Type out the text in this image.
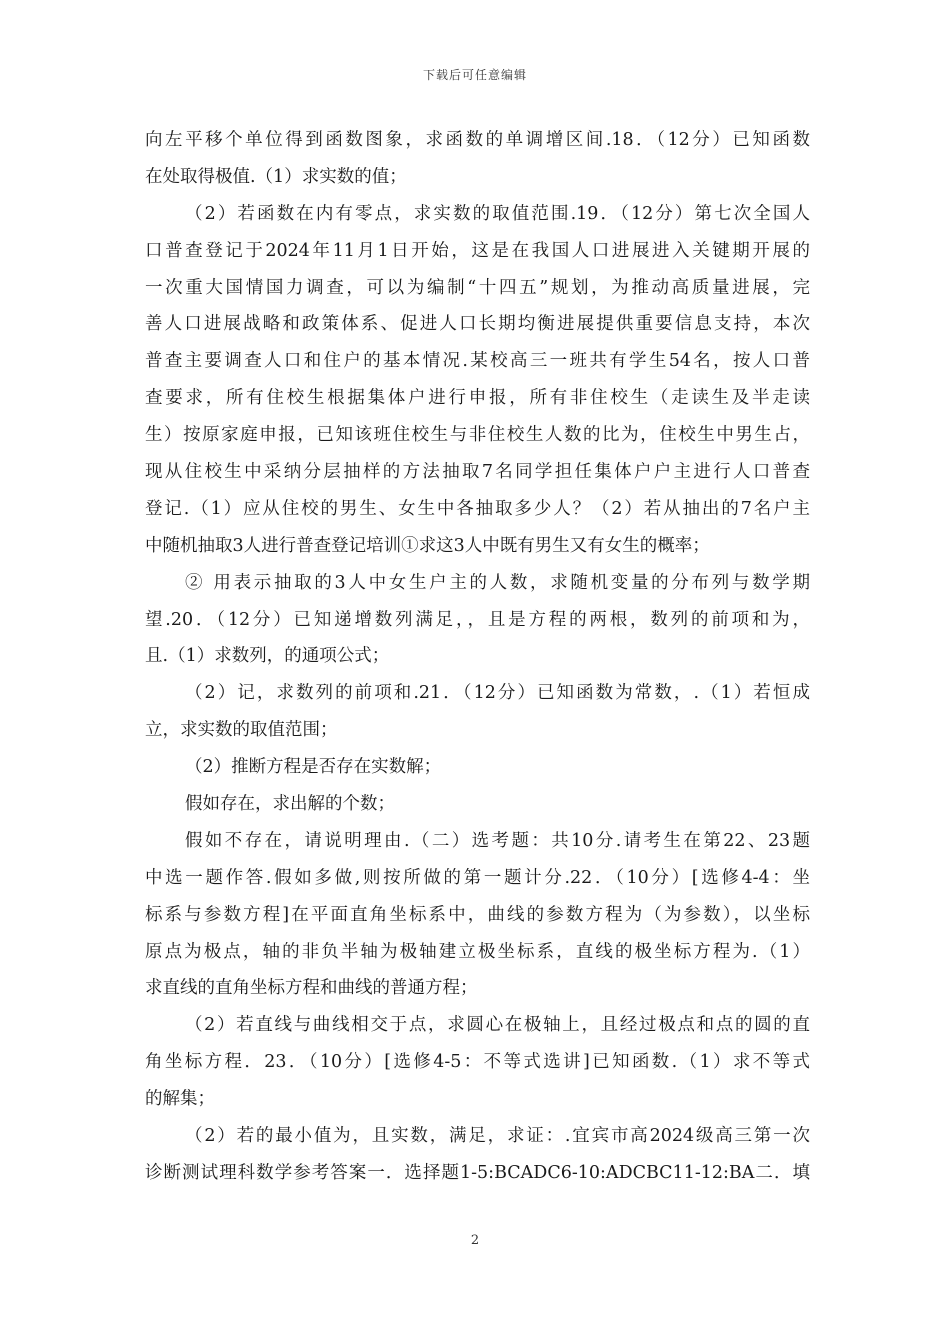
下载后可任意编辑
向左平移个单位得到函数图象，求函数的单调增区间.18．（12分）已知函数
在处取得极值.（1）求实数的值；
（2）若函数在内有零点，求实数的取值范围.19．（12分）第七次全国人
口普查登记于2024年11月1日开始，这是在我国人口进展进入关键期开展的
一次重大国情国力调查，可以为编制“十四五”规划，为推动高质量进展，完
善人口进展战略和政策体系、促进人口长期均衡进展提供重要信息支持，本次
普查主要调查人口和住户的基本情况.某校高三一班共有学生54名，按人口普
查要求，所有住校生根据集体户进行申报，所有非住校生（走读生及半走读
生）按原家庭申报，已知该班住校生与非住校生人数的比为，住校生中男生占，
现从住校生中采纳分层抽样的方法抽取7名同学担任集体户户主进行人口普查
登记.（1）应从住校的男生、女生中各抽取多少人？（2）若从抽出的7名户主
中随机抽取3人进行普查登记培训①求这3人中既有男生又有女生的概率；
② 用表示抽取的3人中女生户主的人数，求随机变量的分布列与数学期
望.20．（12分）已知递增数列满足，，且是方程的两根，数列的前项和为，
且.（1）求数列，的通项公式；
（2）记，求数列的前项和.21．（12分）已知函数为常数，.（1）若恒成
立，求实数的取值范围；
（2）推断方程是否存在实数解；
假如存在，求出解的个数；
假如不存在，请说明理由.（二）选考题：共10分.请考生在第22、23题
中选一题作答.假如多做,则按所做的第一题计分.22．（10分）[选修4-4：坐
标系与参数方程]在平面直角坐标系中，曲线的参数方程为（为参数），以坐标
原点为极点，轴的非负半轴为极轴建立极坐标系，直线的极坐标方程为.（1）
求直线的直角坐标方程和曲线的普通方程；
（2）若直线与曲线相交于点，求圆心在极轴上，且经过极点和点的圆的直
角坐标方程．23．（10分）[选修4-5：不等式选讲]已知函数.（1）求不等式
的解集；
（2）若的最小值为，且实数，满足，求证：.宜宾市高2024级高三第一次
诊断测试理科数学参考答案一．选择题1-5:BCADC6-10:ADCBC11-12:BA二．填
2
